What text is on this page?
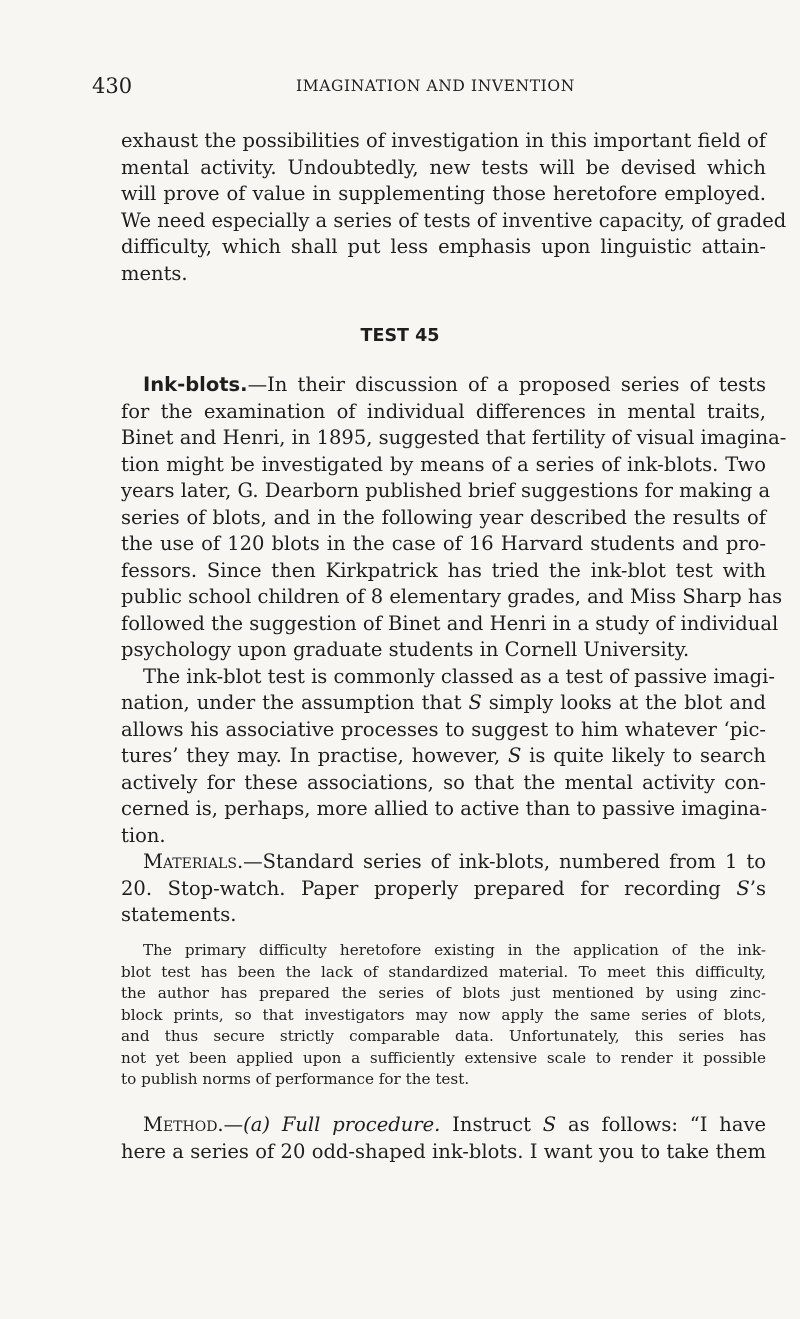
430	IMAGINATION AND INVENTION
exhaust the possibilities of investigation in this important field of
mental activity. Undoubtedly, new tests will be devised which
will prove of value in supplementing those heretofore employed.
We need especially a series of tests of inventive capacity, of graded
difficulty, which shall put less emphasis upon linguistic attain-
ments.
TEST 45
Ink-blots.—In their discussion of a proposed series of tests
for the examination of individual differences in mental traits,
Binet and Henri, in 1895, suggested that fertility of visual imagina-
tion might be investigated by means of a series of ink-blots. Two
years later, G. Dearborn published brief suggestions for making a
series of blots, and in the following year described the results of
the use of 120 blots in the case of 16 Harvard students and pro-
fessors. Since then Kirkpatrick has tried the ink-blot test with
public school children of 8 elementary grades, and Miss Sharp has
followed the suggestion of Binet and Henri in a study of individual
psychology upon graduate students in Cornell University.
The ink-blot test is commonly classed as a test of passive imagi-
nation, under the assumption that S simply looks at the blot and
allows his associative processes to suggest to him whatever ‘pic-
tures’ they may. In practise, however, S is quite likely to search
actively for these associations, so that the mental activity con-
cerned is, perhaps, more allied to active than to passive imagina-
tion.
Materials.—Standard series of ink-blots, numbered from 1 to
20. Stop-watch. Paper properly prepared for recording S’s
statements.
The primary difficulty heretofore existing in the application of the ink-
blot test has been the lack of standardized material. To meet this difficulty,
the author has prepared the series of blots just mentioned by using zinc-
block prints, so that investigators may now apply the same series of blots,
and thus secure strictly comparable data. Unfortunately, this series has
not yet been applied upon a sufficiently extensive scale to render it possible
to publish norms of performance for the test.
Method.—(a) Full procedure. Instruct S as follows: “I have
here a series of 20 odd-shaped ink-blots. I want you to take them
